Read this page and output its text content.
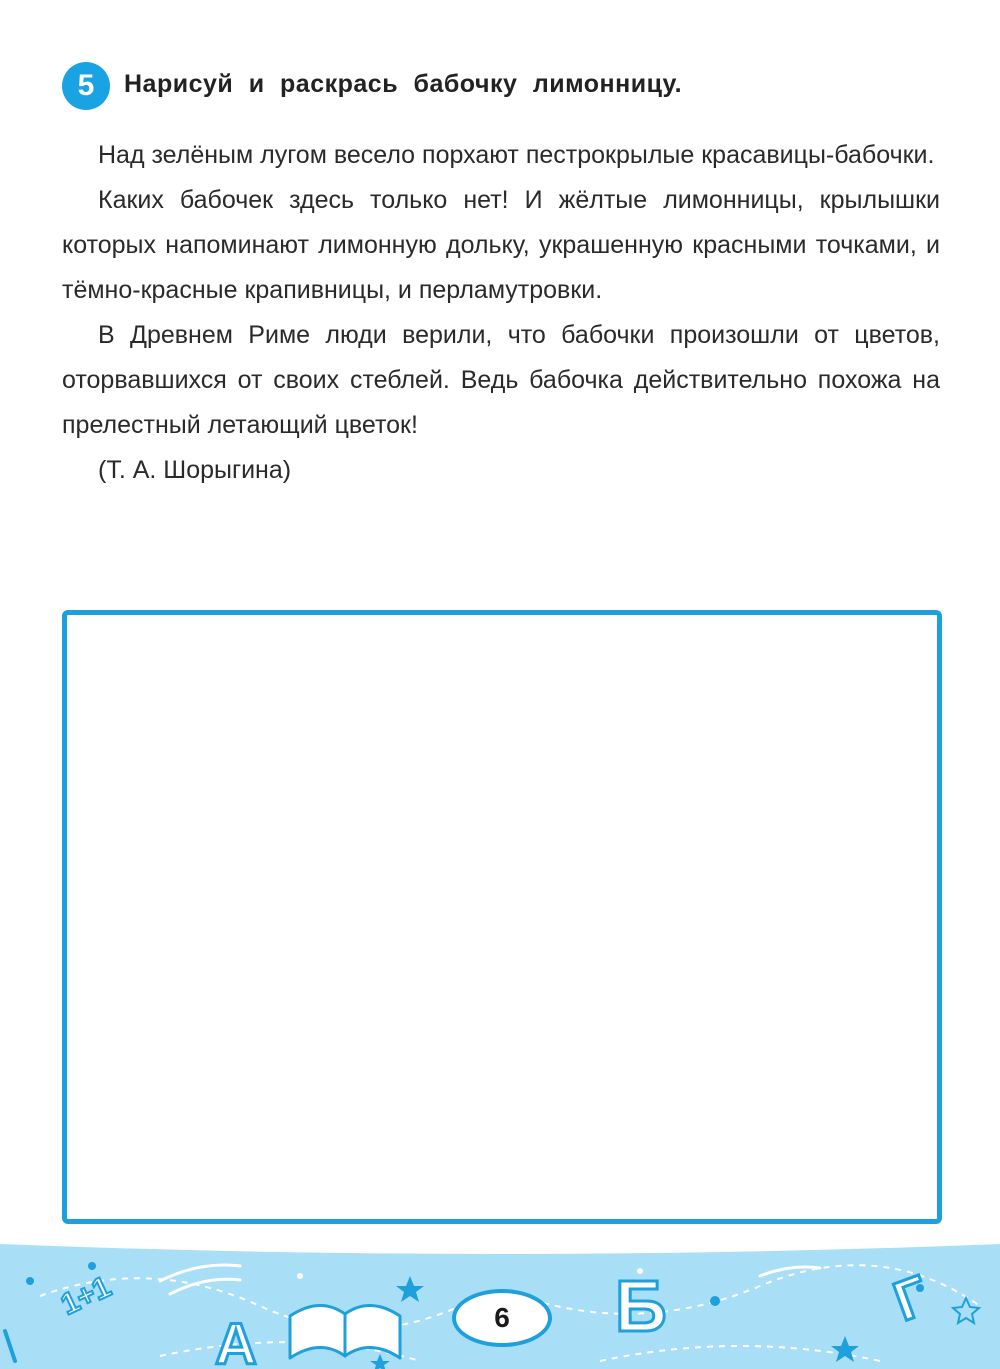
5	Нарисуй и раскрась бабочку лимонницу.

Над зелёным лугом весело порхают пестрокрылые красавицы-бабочки.

Каких бабочек здесь только нет! И жёлтые лимонницы, крылышки которых напоминают лимонную дольку, украшенную красными точками, и тёмно-красные крапивницы, и перламутровки.

В Древнем Риме люди верили, что бабочки произошли от цветов, оторвавшихся от своих стеблей. Ведь бабочка действительно похожа на прелестный летающий цветок!

(Т. А. Шорыгина)

А	Б	Г
1+1	6
